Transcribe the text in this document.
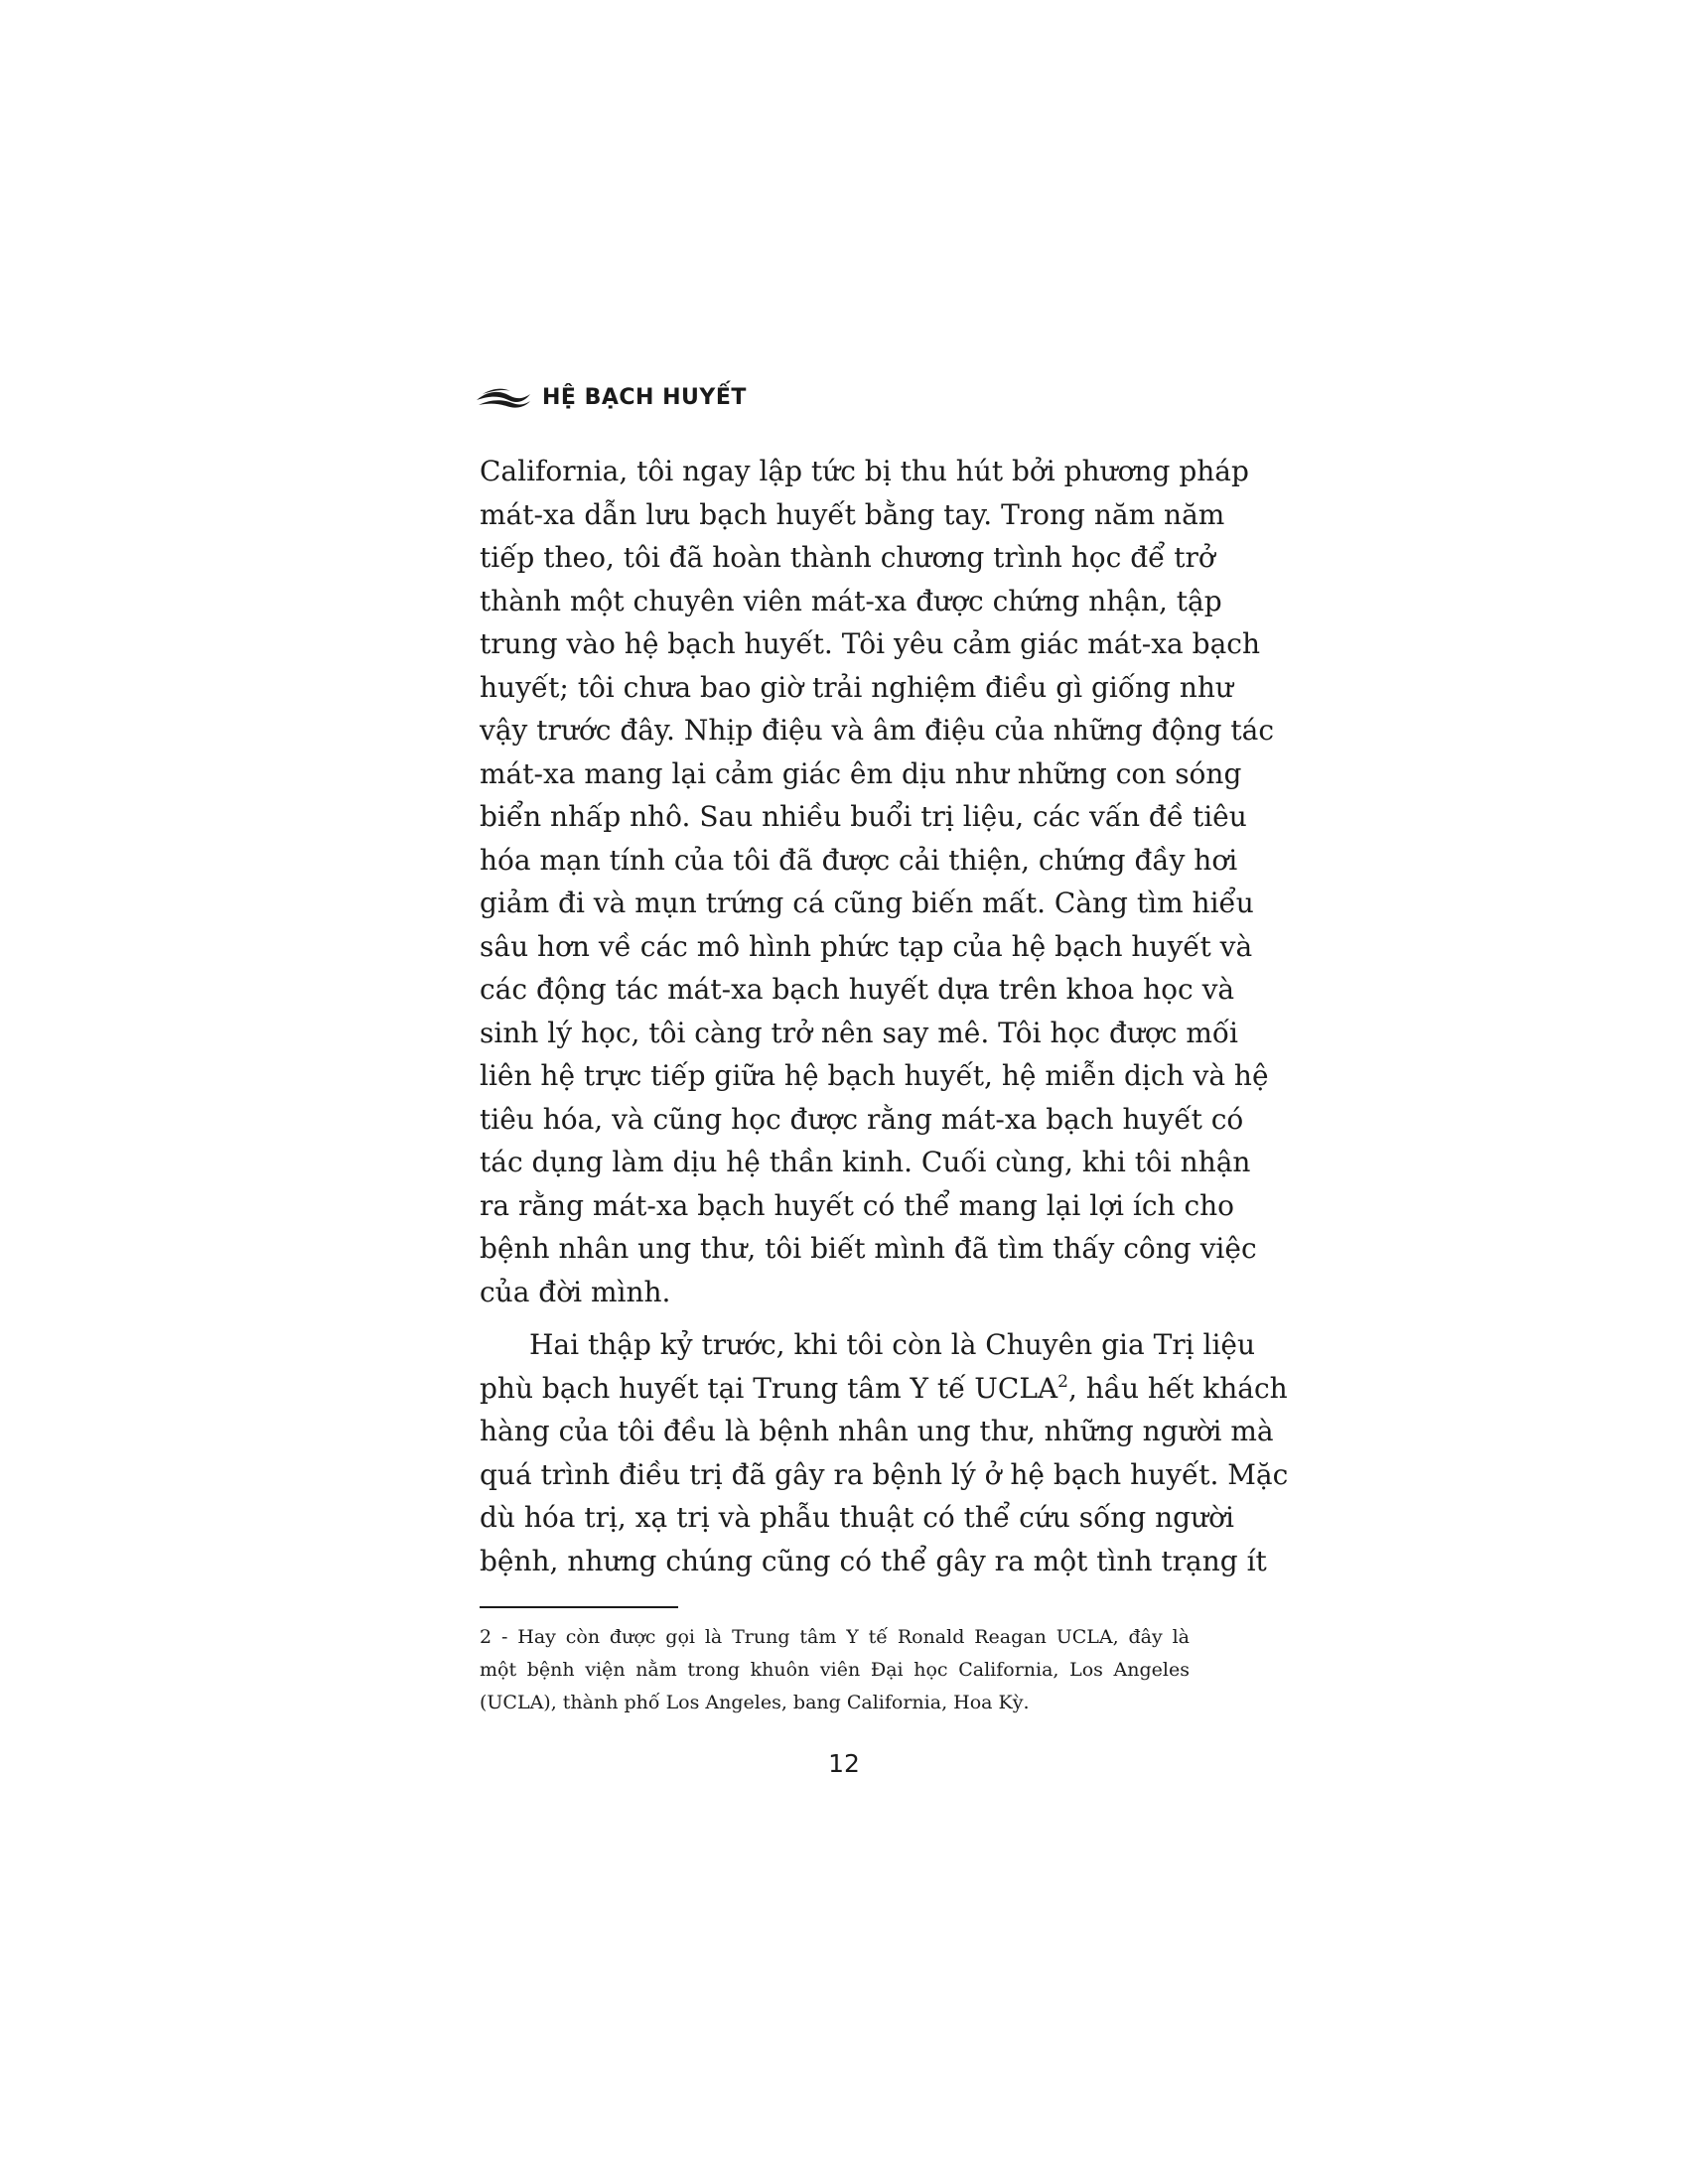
HỆ BẠCH HUYẾT
California, tôi ngay lập tức bị thu hút bởi phương pháp
mát-xa dẫn lưu bạch huyết bằng tay. Trong năm năm
tiếp theo, tôi đã hoàn thành chương trình học để trở
thành một chuyên viên mát-xa được chứng nhận, tập
trung vào hệ bạch huyết. Tôi yêu cảm giác mát-xa bạch
huyết; tôi chưa bao giờ trải nghiệm điều gì giống như
vậy trước đây. Nhịp điệu và âm điệu của những động tác
mát-xa mang lại cảm giác êm dịu như những con sóng
biển nhấp nhô. Sau nhiều buổi trị liệu, các vấn đề tiêu
hóa mạn tính của tôi đã được cải thiện, chứng đầy hơi
giảm đi và mụn trứng cá cũng biến mất. Càng tìm hiểu
sâu hơn về các mô hình phức tạp của hệ bạch huyết và
các động tác mát-xa bạch huyết dựa trên khoa học và
sinh lý học, tôi càng trở nên say mê. Tôi học được mối
liên hệ trực tiếp giữa hệ bạch huyết, hệ miễn dịch và hệ
tiêu hóa, và cũng học được rằng mát-xa bạch huyết có
tác dụng làm dịu hệ thần kinh. Cuối cùng, khi tôi nhận
ra rằng mát-xa bạch huyết có thể mang lại lợi ích cho
bệnh nhân ung thư, tôi biết mình đã tìm thấy công việc
của đời mình.
Hai thập kỷ trước, khi tôi còn là Chuyên gia Trị liệu
phù bạch huyết tại Trung tâm Y tế UCLA$^2$, hầu hết khách
hàng của tôi đều là bệnh nhân ung thư, những người mà
quá trình điều trị đã gây ra bệnh lý ở hệ bạch huyết. Mặc
dù hóa trị, xạ trị và phẫu thuật có thể cứu sống người
bệnh, nhưng chúng cũng có thể gây ra một tình trạng ít
2 - Hay còn được gọi là Trung tâm Y tế Ronald Reagan UCLA, đây là
một bệnh viện nằm trong khuôn viên Đại học California, Los Angeles
(UCLA), thành phố Los Angeles, bang California, Hoa Kỳ.
12
